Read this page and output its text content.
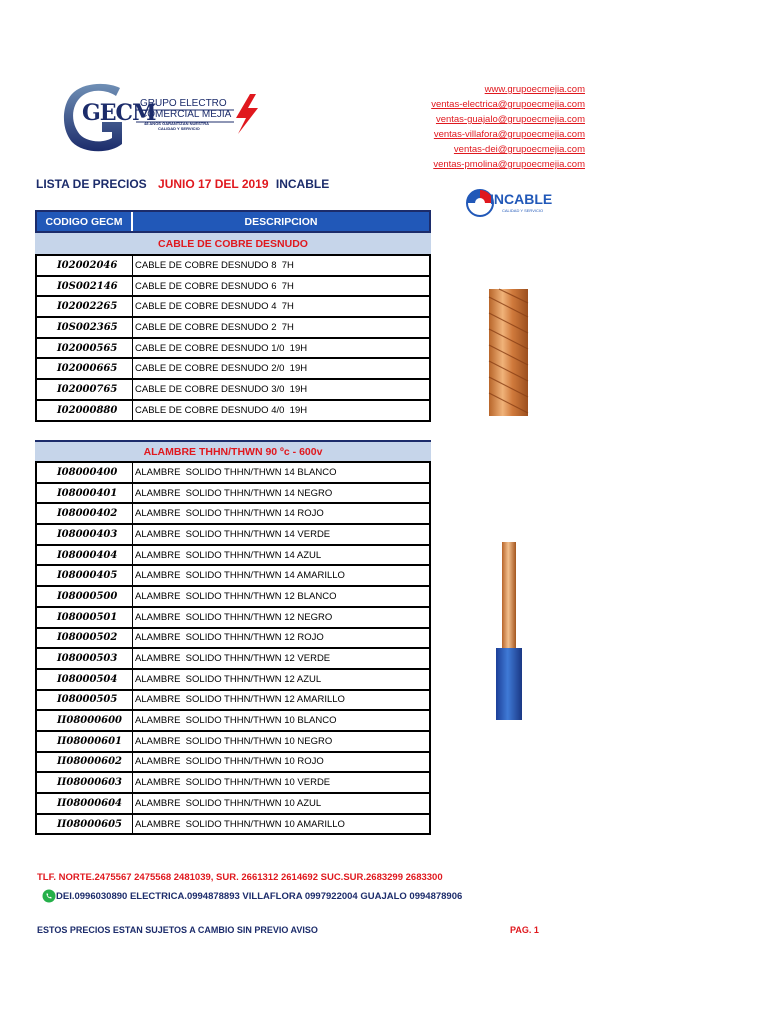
GECM
GRUPO ELECTRO
COMERCIAL MEJIA
48 AÑOS GARANTIZAN NUESTRA
CALIDAD Y SERVICIO
www.grupoecmejia.com
ventas-electrica@grupoecmejia.com
ventas-guajalo@grupoecmejia.com
ventas-villafora@grupoecmejia.com
ventas-dei@grupoecmejia.com
ventas-pmolina@grupoecmejia.com
LISTA DE PRECIOS JUNIO 17 DEL 2019 INCABLE
INCABLE
CALIDAD Y SERVICIO
CODIGO GECM	DESCRIPCION
CABLE DE COBRE DESNUDO
I02002046	CABLE DE COBRE DESNUDO 8  7H
I0S002146	CABLE DE COBRE DESNUDO 6  7H
I02002265	CABLE DE COBRE DESNUDO 4  7H
I0S002365	CABLE DE COBRE DESNUDO 2  7H
I02000565	CABLE DE COBRE DESNUDO 1/0  19H
I02000665	CABLE DE COBRE DESNUDO 2/0  19H
I02000765	CABLE DE COBRE DESNUDO 3/0  19H
I02000880	CABLE DE COBRE DESNUDO 4/0  19H
ALAMBRE THHN/THWN 90 ºc - 600v
I08000400	ALAMBRE  SOLIDO THHN/THWN 14 BLANCO
I08000401	ALAMBRE  SOLIDO THHN/THWN 14 NEGRO
I08000402	ALAMBRE  SOLIDO THHN/THWN 14 ROJO
I08000403	ALAMBRE  SOLIDO THHN/THWN 14 VERDE
I08000404	ALAMBRE  SOLIDO THHN/THWN 14 AZUL
I08000405	ALAMBRE  SOLIDO THHN/THWN 14 AMARILLO
I08000500	ALAMBRE  SOLIDO THHN/THWN 12 BLANCO
I08000501	ALAMBRE  SOLIDO THHN/THWN 12 NEGRO
I08000502	ALAMBRE  SOLIDO THHN/THWN 12 ROJO
I08000503	ALAMBRE  SOLIDO THHN/THWN 12 VERDE
I08000504	ALAMBRE  SOLIDO THHN/THWN 12 AZUL
I08000505	ALAMBRE  SOLIDO THHN/THWN 12 AMARILLO
II08000600	ALAMBRE  SOLIDO THHN/THWN 10 BLANCO
II08000601	ALAMBRE  SOLIDO THHN/THWN 10 NEGRO
II08000602	ALAMBRE  SOLIDO THHN/THWN 10 ROJO
II08000603	ALAMBRE  SOLIDO THHN/THWN 10 VERDE
II08000604	ALAMBRE  SOLIDO THHN/THWN 10 AZUL
II08000605	ALAMBRE  SOLIDO THHN/THWN 10 AMARILLO
TLF. NORTE.2475567 2475568 2481039, SUR. 2661312 2614692 SUC.SUR.2683299 2683300
DEI.0996030890 ELECTRICA.0994878893 VILLAFLORA 0997922004 GUAJALO 0994878906
ESTOS PRECIOS ESTAN SUJETOS A CAMBIO SIN PREVIO AVISO	PAG. 1
